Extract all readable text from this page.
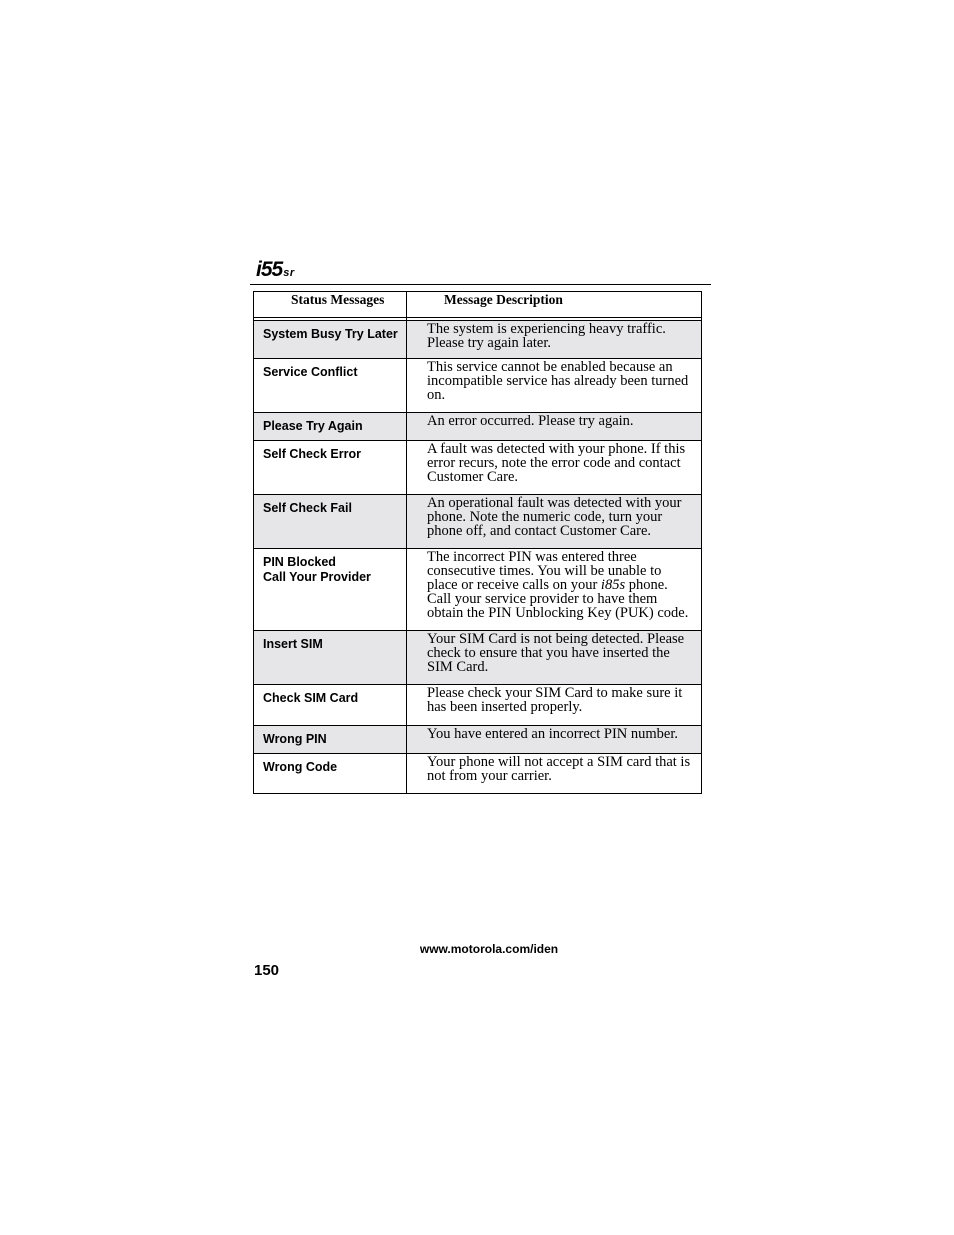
i55sr
Status Messages	Message Description

System Busy Try Later	The system is experiencing heavy traffic. Please try again later.

Service Conflict	This service cannot be enabled because an incompatible service has already been turned on.

Please Try Again	An error occurred. Please try again.

Self Check Error	A fault was detected with your phone. If this error recurs, note the error code and contact Customer Care.

Self Check Fail	An operational fault was detected with your phone. Note the numeric code, turn your phone off, and contact Customer Care.

PIN Blocked
Call Your Provider	The incorrect PIN was entered three consecutive times. You will be unable to place or receive calls on your i85s phone. Call your service provider to have them obtain the PIN Unblocking Key (PUK) code.

Insert SIM	Your SIM Card is not being detected. Please check to ensure that you have inserted the SIM Card.

Check SIM Card	Please check your SIM Card to make sure it has been inserted properly.

Wrong PIN	You have entered an incorrect PIN number.

Wrong Code	Your phone will not accept a SIM card that is not from your carrier.
www.motorola.com/iden
150
